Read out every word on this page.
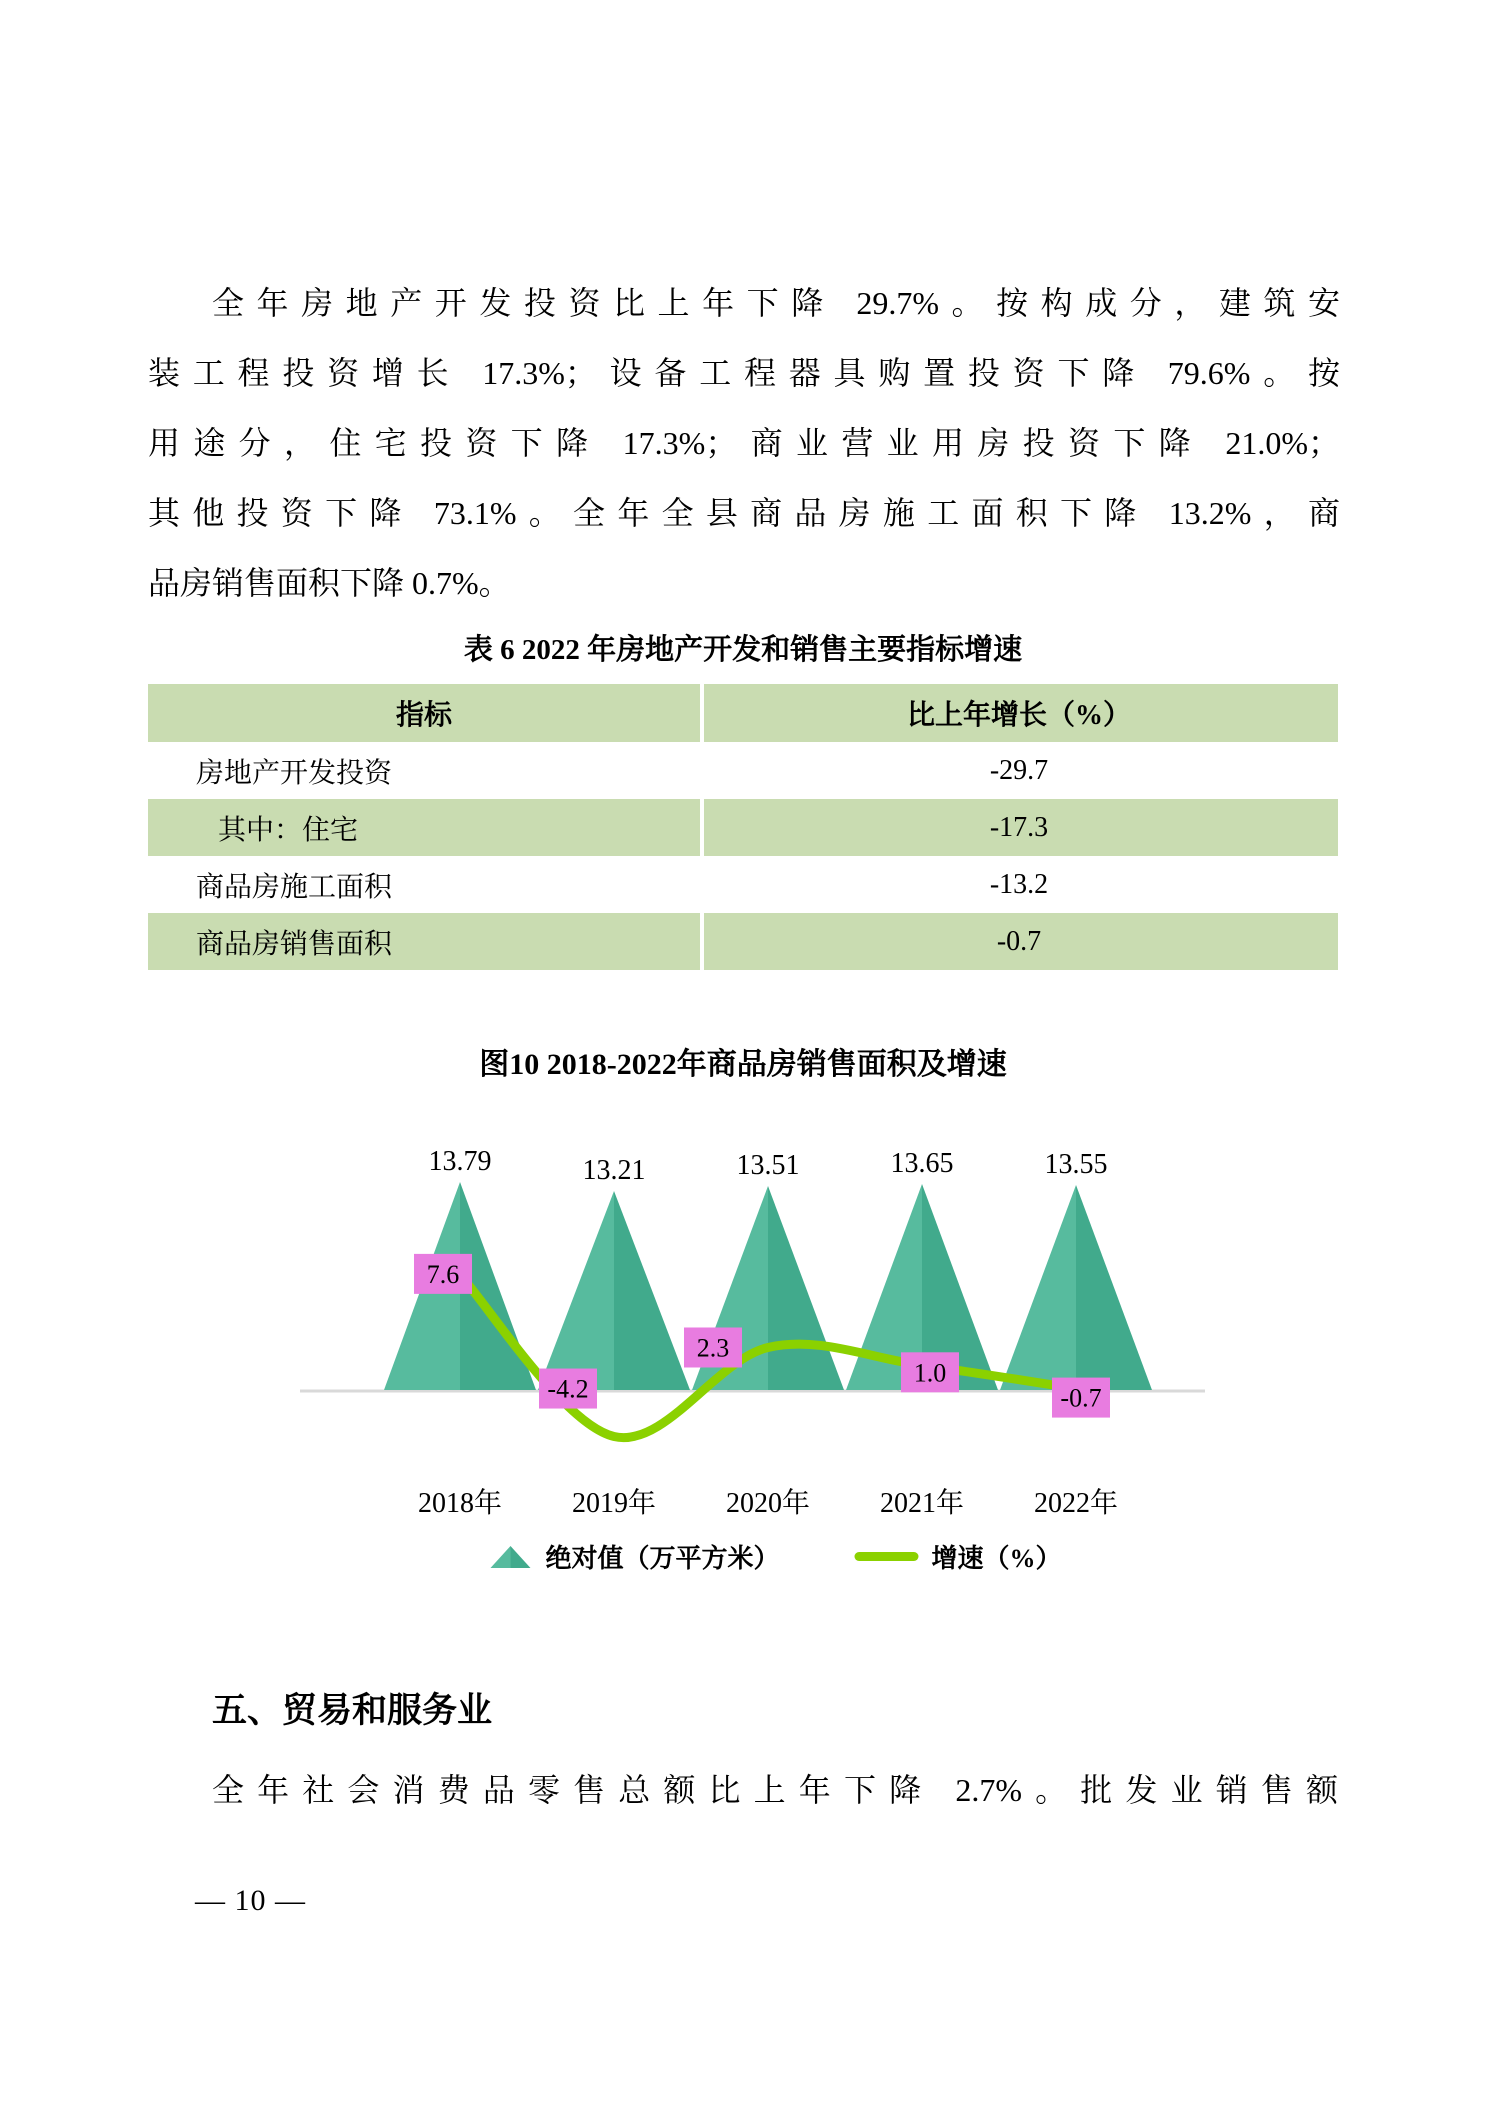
全年房地产开发投资比上年下降 29.7%。按构成分，建筑安
装工程投资增长 17.3%；设备工程器具购置投资下降 79.6%。按
用途分，住宅投资下降 17.3%；商业营业用房投资下降 21.0%；
其他投资下降 73.1%。全年全县商品房施工面积下降 13.2%，商
品房销售面积下降 0.7%。
表 6 2022 年房地产开发和销售主要指标增速
指标	比上年增长（%）
房地产开发投资	-29.7
其中：住宅	-17.3
商品房施工面积	-13.2
商品房销售面积	-0.7
图10 2018-2022年商品房销售面积及增速
13.79	13.21	13.51	13.65	13.55
7.6
-4.2
2.3
1.0
-0.7
2018年 2019年 2020年 2021年 2022年
绝对值（万平方米）	增速（%）
五、贸易和服务业
全年社会消费品零售总额比上年下降 2.7%。批发业销售额
— 10 —
